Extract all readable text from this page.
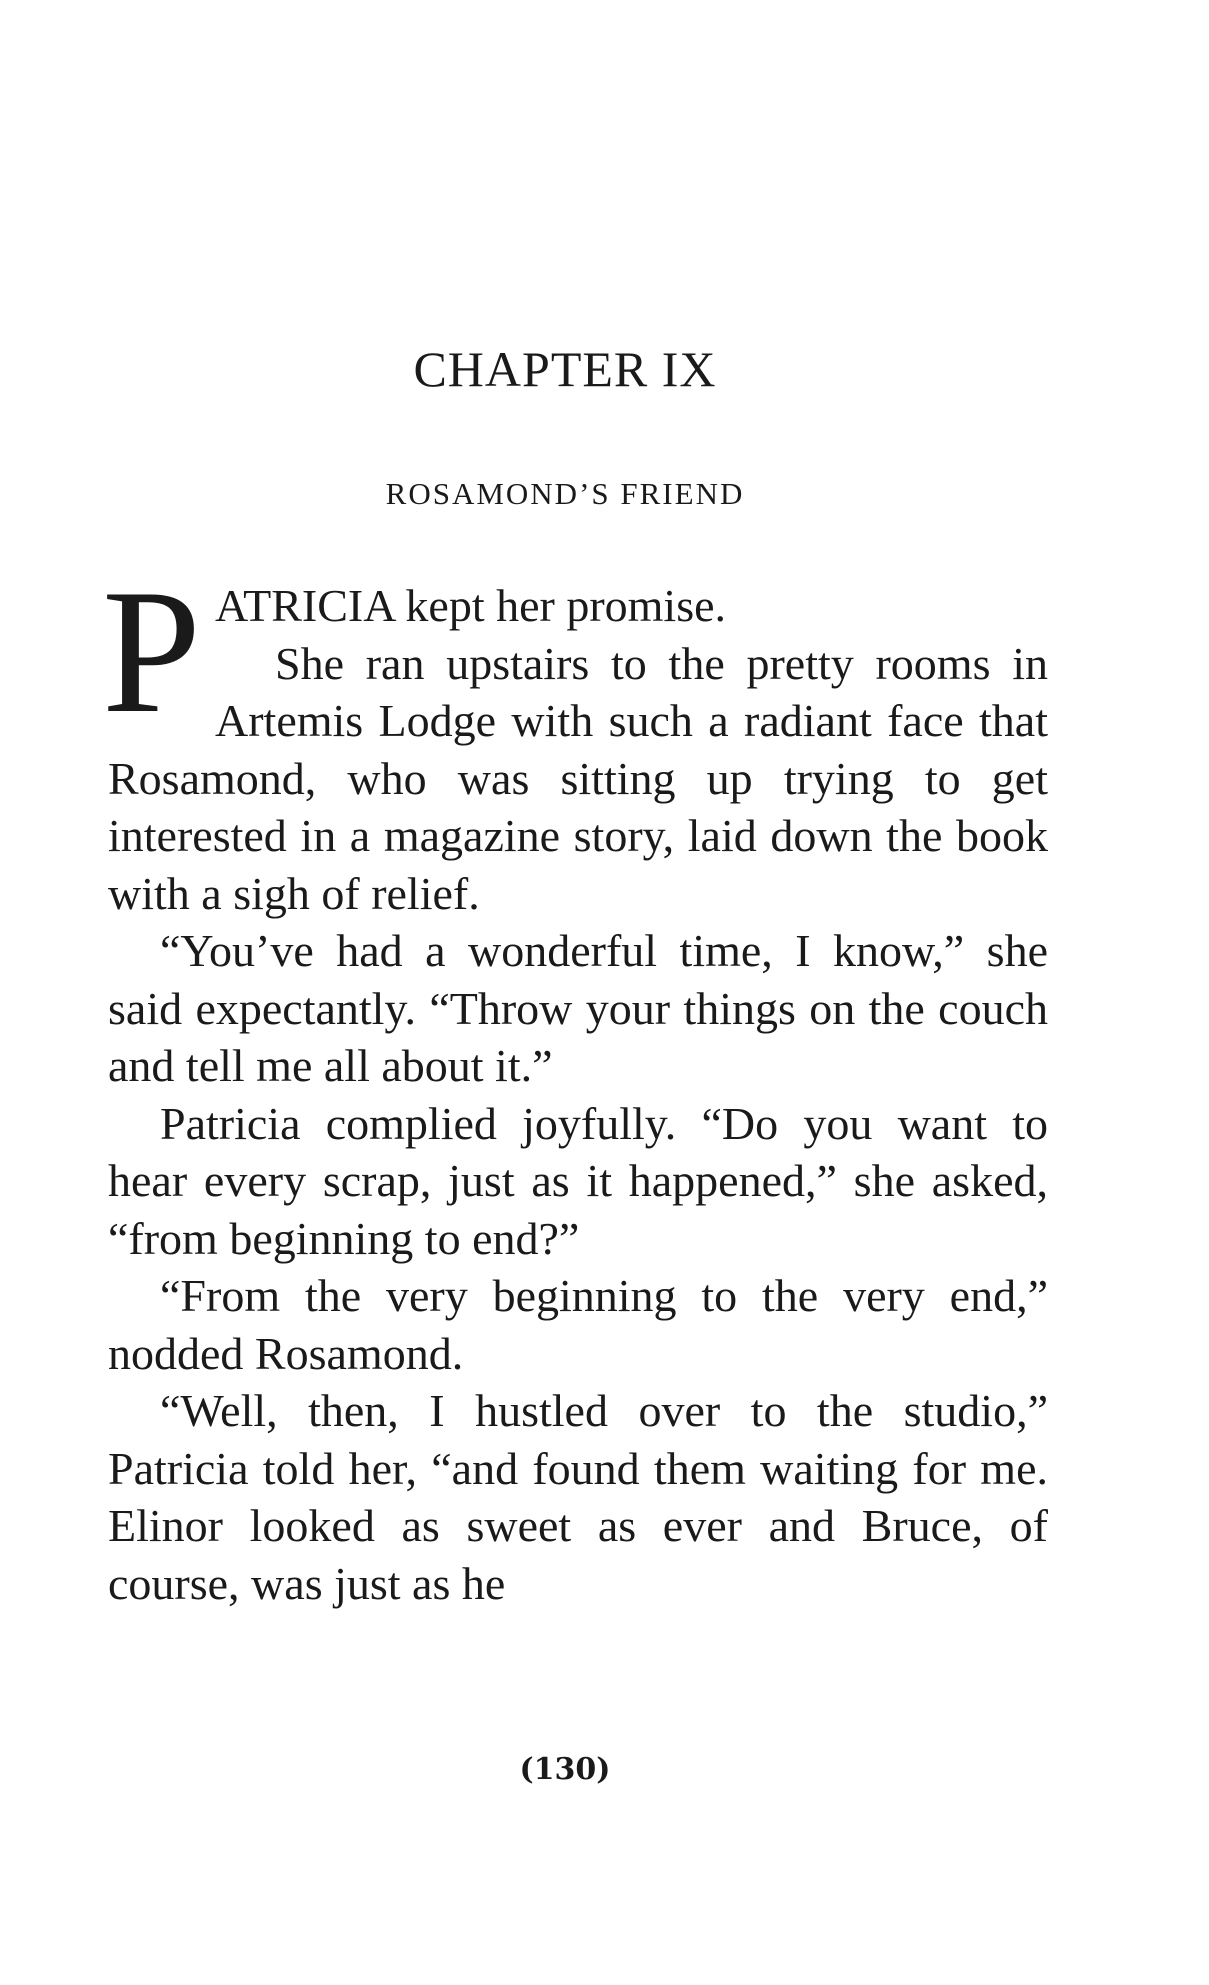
CHAPTER IX
ROSAMOND’S FRIEND
P ATRICIA kept her promise.
She ran upstairs to the pretty rooms in Artemis Lodge with such a radiant face that Rosamond, who was sitting up trying to get interested in a magazine story, laid down the book with a sigh of relief.

“You’ve had a wonderful time, I know,” she said expectantly. “Throw your things on the couch and tell me all about it.”

Patricia complied joyfully. “Do you want to hear every scrap, just as it happened,” she asked, “from beginning to end?”

“From the very beginning to the very end,” nodded Rosamond.

“Well, then, I hustled over to the studio,” Patricia told her, “and found them waiting for me. Elinor looked as sweet as ever and Bruce, of course, was just as he

(130)
